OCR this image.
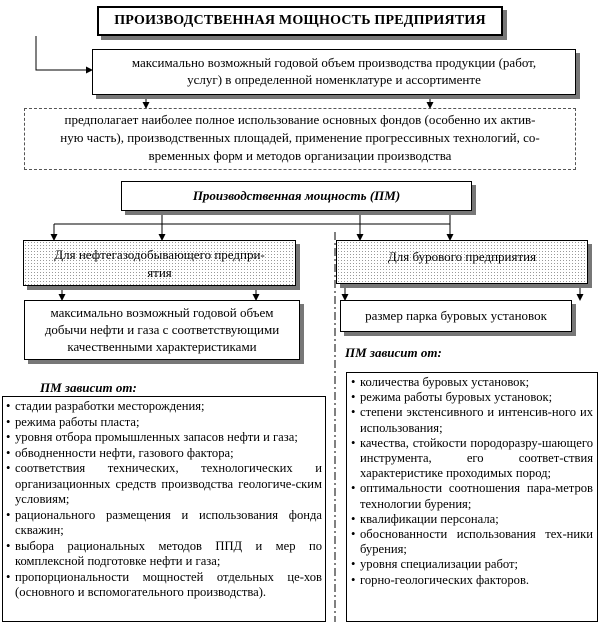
ПРОИЗВОДСТВЕННАЯ МОЩНОСТЬ ПРЕДПРИЯТИЯ
максимально возможный годовой объем производства продукции (работ,
услуг) в определенной номенклатуре и ассортименте
предполагает наиболее полное использование основных фондов (особенно их актив-
ную часть), производственных площадей, применение прогрессивных технологий, со-
временных форм и методов организации производства
Производственная мощность (ПМ)
Для нефтегазодобывающего предпри-
ятия
Для бурового предприятия
максимально возможный годовой объем
добычи нефти и газа с соответствующими
качественными характеристиками
размер парка буровых установок
ПМ зависит от:
ПМ зависит от:
• стадии разработки месторождения;
• режима работы пласта;
• уровня отбора промышленных запасов нефти и газа;
• обводненности нефти, газового фактора;
• соответствия технических, технологических и организационных средств производства геологиче-ским условиям;
• рационального размещения и использования фонда скважин;
• выбора рациональных методов ППД и мер по комплексной подготовке нефти и газа;
• пропорциональности мощностей отдельных це-хов (основного и вспомогательного производства).
• количества буровых установок;
• режима работы буровых установок;
• степени экстенсивного и интенсив-ного их использования;
• качества, стойкости породоразру-шающего инструмента, его соответ-ствия характеристике проходимых пород;
• оптимальности соотношения пара-метров технологии бурения;
• квалификации персонала;
• обоснованности использования тех-ники бурения;
• уровня специализации работ;
• горно-геологических факторов.
